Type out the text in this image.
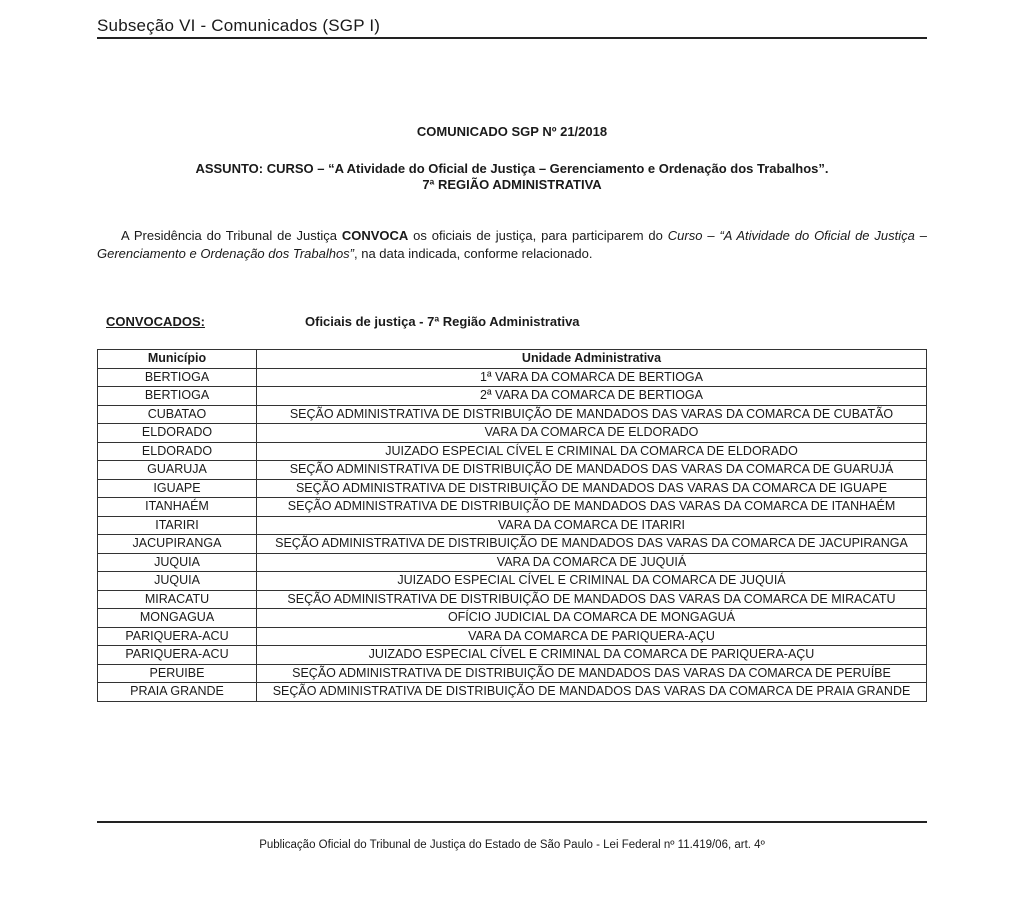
Subseção VI - Comunicados (SGP I)
COMUNICADO SGP Nº 21/2018
ASSUNTO: CURSO – “A Atividade do Oficial de Justiça – Gerenciamento e Ordenação dos Trabalhos”.
7ª REGIÃO ADMINISTRATIVA

A Presidência do Tribunal de Justiça CONVOCA os oficiais de justiça, para participarem do Curso – “A Atividade do Oficial de Justiça – Gerenciamento e Ordenação dos Trabalhos”, na data indicada, conforme relacionado.

CONVOCADOS:	Oficiais de justiça - 7ª Região Administrativa
Município	Unidade Administrativa
BERTIOGA	1ª VARA DA COMARCA DE BERTIOGA
BERTIOGA	2ª VARA DA COMARCA DE BERTIOGA
CUBATAO	SEÇÃO ADMINISTRATIVA DE DISTRIBUIÇÃO DE MANDADOS DAS VARAS DA COMARCA DE CUBATÃO
ELDORADO	VARA DA COMARCA DE ELDORADO
ELDORADO	JUIZADO ESPECIAL CÍVEL E CRIMINAL DA COMARCA DE ELDORADO
GUARUJA	SEÇÃO ADMINISTRATIVA DE DISTRIBUIÇÃO DE MANDADOS DAS VARAS DA COMARCA DE GUARUJÁ
IGUAPE	SEÇÃO ADMINISTRATIVA DE DISTRIBUIÇÃO DE MANDADOS DAS VARAS DA COMARCA DE IGUAPE
ITANHAÉM	SEÇÃO ADMINISTRATIVA DE DISTRIBUIÇÃO DE MANDADOS DAS VARAS DA COMARCA DE ITANHAÉM
ITARIRI	VARA DA COMARCA DE ITARIRI
JACUPIRANGA	SEÇÃO ADMINISTRATIVA DE DISTRIBUIÇÃO DE MANDADOS DAS VARAS DA COMARCA DE JACUPIRANGA
JUQUIA	VARA DA COMARCA DE JUQUIÁ
JUQUIA	JUIZADO ESPECIAL CÍVEL E CRIMINAL DA COMARCA DE JUQUIÁ
MIRACATU	SEÇÃO ADMINISTRATIVA DE DISTRIBUIÇÃO DE MANDADOS DAS VARAS DA COMARCA DE MIRACATU
MONGAGUA	OFÍCIO JUDICIAL DA COMARCA DE MONGAGUÁ
PARIQUERA-ACU	VARA DA COMARCA DE PARIQUERA-AÇU
PARIQUERA-ACU	JUIZADO ESPECIAL CÍVEL E CRIMINAL DA COMARCA DE PARIQUERA-AÇU
PERUIBE	SEÇÃO ADMINISTRATIVA DE DISTRIBUIÇÃO DE MANDADOS DAS VARAS DA COMARCA DE PERUÍBE
PRAIA GRANDE	SEÇÃO ADMINISTRATIVA DE DISTRIBUIÇÃO DE MANDADOS DAS VARAS DA COMARCA DE PRAIA GRANDE
Publicação Oficial do Tribunal de Justiça do Estado de São Paulo - Lei Federal nº 11.419/06, art. 4º
